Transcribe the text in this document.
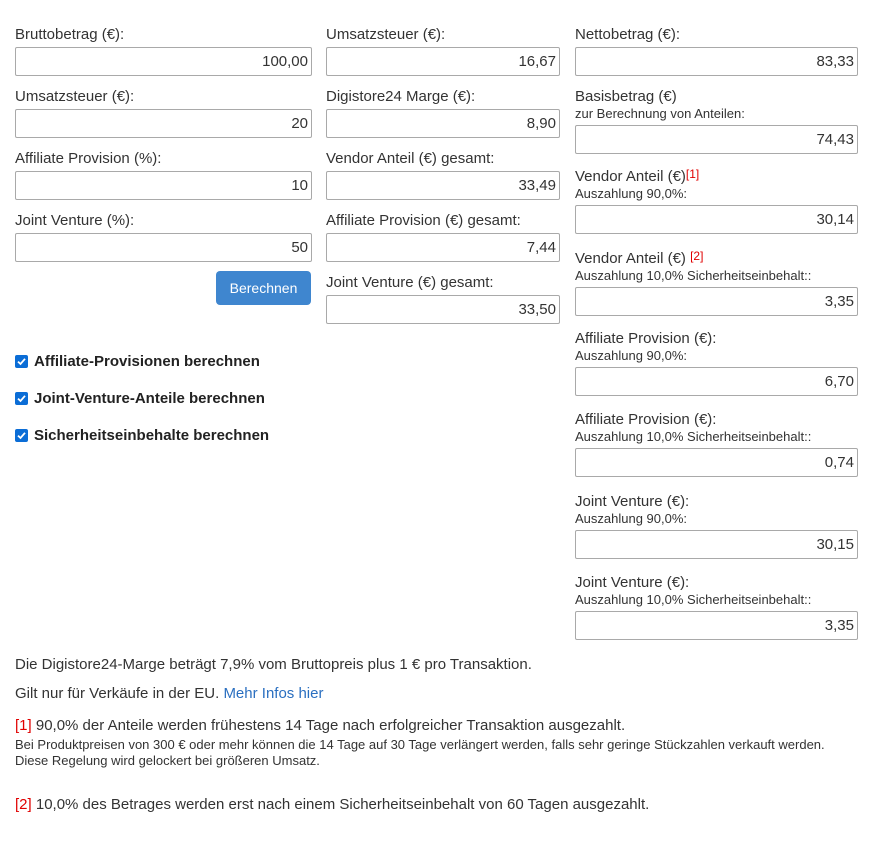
Bruttobetrag (€):
100,00
Umsatzsteuer (€):
20
Affiliate Provision (%):
10
Joint Venture (%):
50
Berechnen
Affiliate-Provisionen berechnen
Joint-Venture-Anteile berechnen
Sicherheitseinbehalte berechnen
Umsatzsteuer (€):
16,67
Digistore24 Marge (€):
8,90
Vendor Anteil (€) gesamt:
33,49
Affiliate Provision (€) gesamt:
7,44
Joint Venture (€) gesamt:
33,50
Nettobetrag (€):
83,33
Basisbetrag (€)
zur Berechnung von Anteilen:
74,43
Vendor Anteil (€)[1]
Auszahlung 90,0%:
30,14
Vendor Anteil (€) [2]
Auszahlung 10,0% Sicherheitseinbehalt::
3,35
Affiliate Provision (€):
Auszahlung 90,0%:
6,70
Affiliate Provision (€):
Auszahlung 10,0% Sicherheitseinbehalt::
0,74
Joint Venture (€):
Auszahlung 90,0%:
30,15
Joint Venture (€):
Auszahlung 10,0% Sicherheitseinbehalt::
3,35

Die Digistore24-Marge beträgt 7,9% vom Bruttopreis plus 1 € pro Transaktion.

Gilt nur für Verkäufe in der EU. Mehr Infos hier

[1] 90,0% der Anteile werden frühestens 14 Tage nach erfolgreicher Transaktion ausgezahlt.

Bei Produktpreisen von 300 € oder mehr können die 14 Tage auf 30 Tage verlängert werden, falls sehr geringe Stückzahlen verkauft werden.

Diese Regelung wird gelockert bei größeren Umsatz.

[2] 10,0% des Betrages werden erst nach einem Sicherheitseinbehalt von 60 Tagen ausgezahlt.
